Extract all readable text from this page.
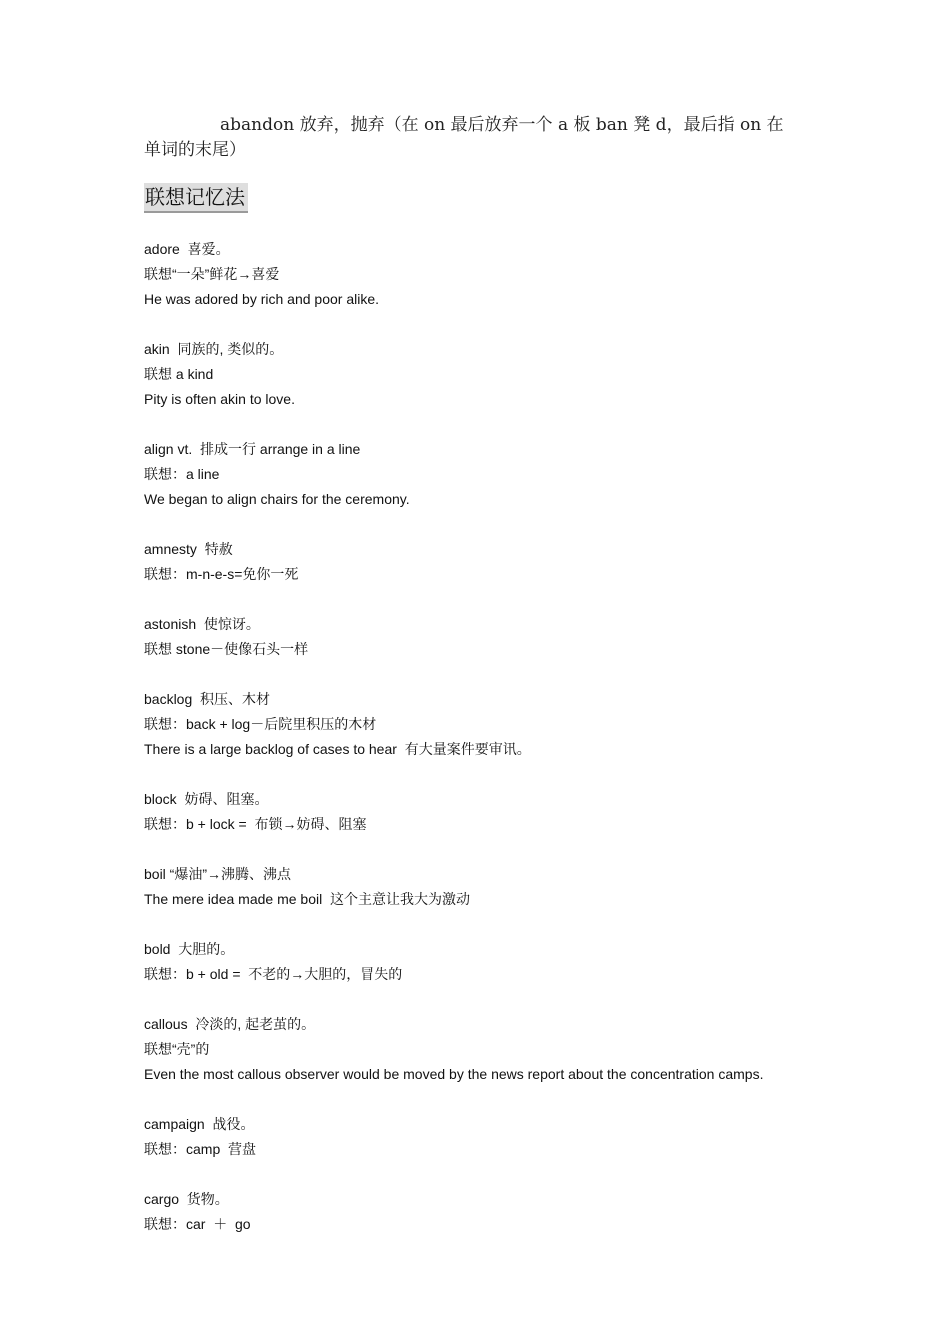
abandon 放弃，抛弃（在 on 最后放弃一个 a 板 ban 凳 d，最后指 on 在
单词的末尾）
联想记忆法
adore  喜爱。
联想“一朵”鲜花→喜爱
He was adored by rich and poor alike.
akin  同族的, 类似的。
联想 a kind
Pity is often akin to love.
align vt.  排成一行 arrange in a line
联想：a line
We began to align chairs for the ceremony.
amnesty  特赦
联想：m-n-e-s=免你一死
astonish  使惊讶。
联想 stone－使像石头一样
backlog  积压、木材
联想：back + log－后院里积压的木材
There is a large backlog of cases to hear  有大量案件要审讯。
block  妨碍、阻塞。
联想：b + lock =  布锁→妨碍、阻塞
boil “爆油”→沸腾、沸点
The mere idea made me boil  这个主意让我大为激动
bold  大胆的。
联想：b + old =  不老的→大胆的，冒失的
callous  冷淡的, 起老茧的。
联想“壳”的
Even the most callous observer would be moved by the news report about the concentration camps.
campaign  战役。
联想：camp  营盘
cargo  货物。
联想：car  ＋  go
